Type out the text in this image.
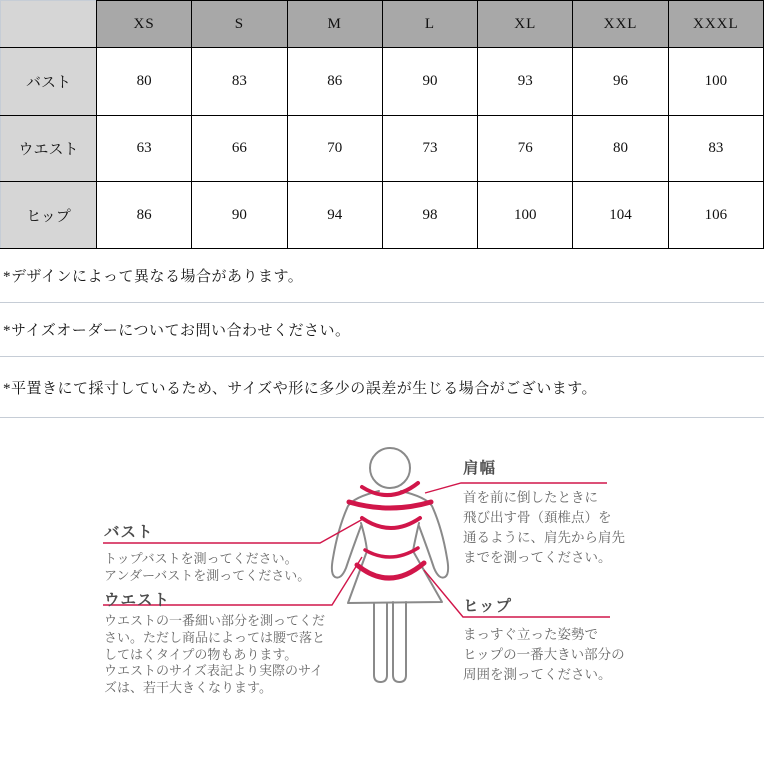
	XS	S	M	L	XL	XXL	XXXL
バスト	80	83	86	90	93	96	100
ウエスト	63	66	70	73	76	80	83
ヒップ	86	90	94	98	100	104	106
*デザインによって異なる場合があります。
*サイズオーダーについてお問い合わせください。
*平置きにて採寸しているため、サイズや形に多少の誤差が生じる場合がございます。
バスト
トップバストを測ってください。
アンダーバストを測ってください。
ウエスト
ウエストの一番細い部分を測ってくだ
さい。ただし商品によっては腰で落と
してはくタイプの物もあります。
ウエストのサイズ表記より実際のサイ
ズは、若干大きくなります。
肩幅
首を前に倒したときに
飛び出す骨（頚椎点）を
通るように、肩先から肩先
までを測ってください。
ヒップ
まっすぐ立った姿勢で
ヒップの一番大きい部分の
周囲を測ってください。
